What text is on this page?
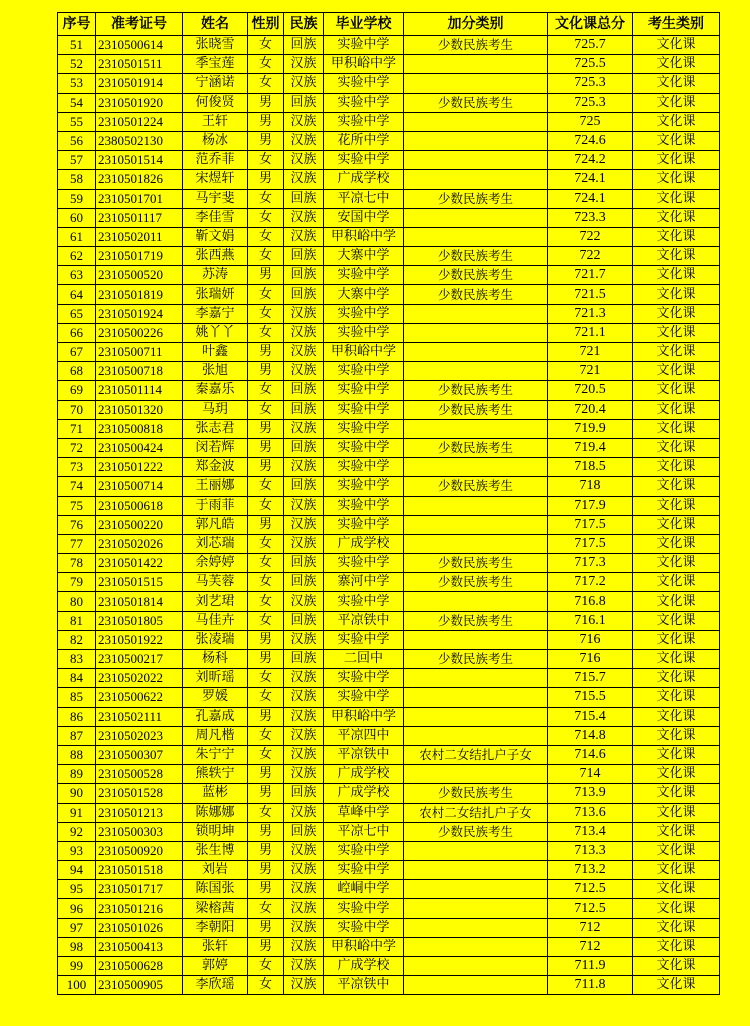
序号	准考证号	姓名	性别	民族	毕业学校	加分类别	文化课总分	考生类别
51	2310500614	张晓雪	女	回族	实验中学	少数民族考生	725.7	文化课
52	2310501511	季宝莲	女	汉族	甲积峪中学		725.5	文化课
53	2310501914	宁涵诺	女	汉族	实验中学		725.3	文化课
54	2310501920	何俊贤	男	回族	实验中学	少数民族考生	725.3	文化课
55	2310501224	王轩	男	汉族	实验中学		725	文化课
56	2380502130	杨冰	男	汉族	花所中学		724.6	文化课
57	2310501514	范乔菲	女	汉族	实验中学		724.2	文化课
58	2310501826	宋煜轩	男	汉族	广成学校		724.1	文化课
59	2310501701	马宇斐	女	回族	平凉七中	少数民族考生	724.1	文化课
60	2310501117	李佳雪	女	汉族	安国中学		723.3	文化课
61	2310502011	靳文娟	女	汉族	甲积峪中学		722	文化课
62	2310501719	张西燕	女	回族	大寨中学	少数民族考生	722	文化课
63	2310500520	苏涛	男	回族	实验中学	少数民族考生	721.7	文化课
64	2310501819	张瑞妍	女	回族	大寨中学	少数民族考生	721.5	文化课
65	2310501924	李嘉宁	女	汉族	实验中学		721.3	文化课
66	2310500226	姚丫丫	女	汉族	实验中学		721.1	文化课
67	2310500711	叶鑫	男	汉族	甲积峪中学		721	文化课
68	2310500718	张旭	男	汉族	实验中学		721	文化课
69	2310501114	秦嘉乐	女	回族	实验中学	少数民族考生	720.5	文化课
70	2310501320	马玥	女	回族	实验中学	少数民族考生	720.4	文化课
71	2310500818	张志君	男	汉族	实验中学		719.9	文化课
72	2310500424	闵若辉	男	回族	实验中学	少数民族考生	719.4	文化课
73	2310501222	郑金波	男	汉族	实验中学		718.5	文化课
74	2310500714	王丽娜	女	回族	实验中学	少数民族考生	718	文化课
75	2310500618	于雨菲	女	汉族	实验中学		717.9	文化课
76	2310500220	郭凡皓	男	汉族	实验中学		717.5	文化课
77	2310502026	刘芯瑞	女	汉族	广成学校		717.5	文化课
78	2310501422	余婷婷	女	回族	实验中学	少数民族考生	717.3	文化课
79	2310501515	马芙蓉	女	回族	寨河中学	少数民族考生	717.2	文化课
80	2310501814	刘艺珺	女	汉族	实验中学		716.8	文化课
81	2310501805	马佳卉	女	回族	平凉铁中	少数民族考生	716.1	文化课
82	2310501922	张凌瑞	男	汉族	实验中学		716	文化课
83	2310500217	杨科	男	回族	二回中	少数民族考生	716	文化课
84	2310502022	刘昕瑶	女	汉族	实验中学		715.7	文化课
85	2310500622	罗媛	女	汉族	实验中学		715.5	文化课
86	2310502111	孔嘉成	男	汉族	甲积峪中学		715.4	文化课
87	2310502023	周凡楷	女	汉族	平凉四中		714.8	文化课
88	2310500307	朱宁宁	女	汉族	平凉铁中	农村二女结扎户子女	714.6	文化课
89	2310500528	熊轶宁	男	汉族	广成学校		714	文化课
90	2310501528	蓝彬	男	回族	广成学校	少数民族考生	713.9	文化课
91	2310501213	陈娜娜	女	汉族	草峰中学	农村二女结扎户子女	713.6	文化课
92	2310500303	锁明坤	男	回族	平凉七中	少数民族考生	713.4	文化课
93	2310500920	张生博	男	汉族	实验中学		713.3	文化课
94	2310501518	刘岩	男	汉族	实验中学		713.2	文化课
95	2310501717	陈国张	男	汉族	崆峒中学		712.5	文化课
96	2310501216	梁榕茜	女	汉族	实验中学		712.5	文化课
97	2310501026	李朝阳	男	汉族	实验中学		712	文化课
98	2310500413	张轩	男	汉族	甲积峪中学		712	文化课
99	2310500628	郭婷	女	汉族	广成学校		711.9	文化课
100	2310500905	李欣瑶	女	汉族	平凉铁中		711.8	文化课
